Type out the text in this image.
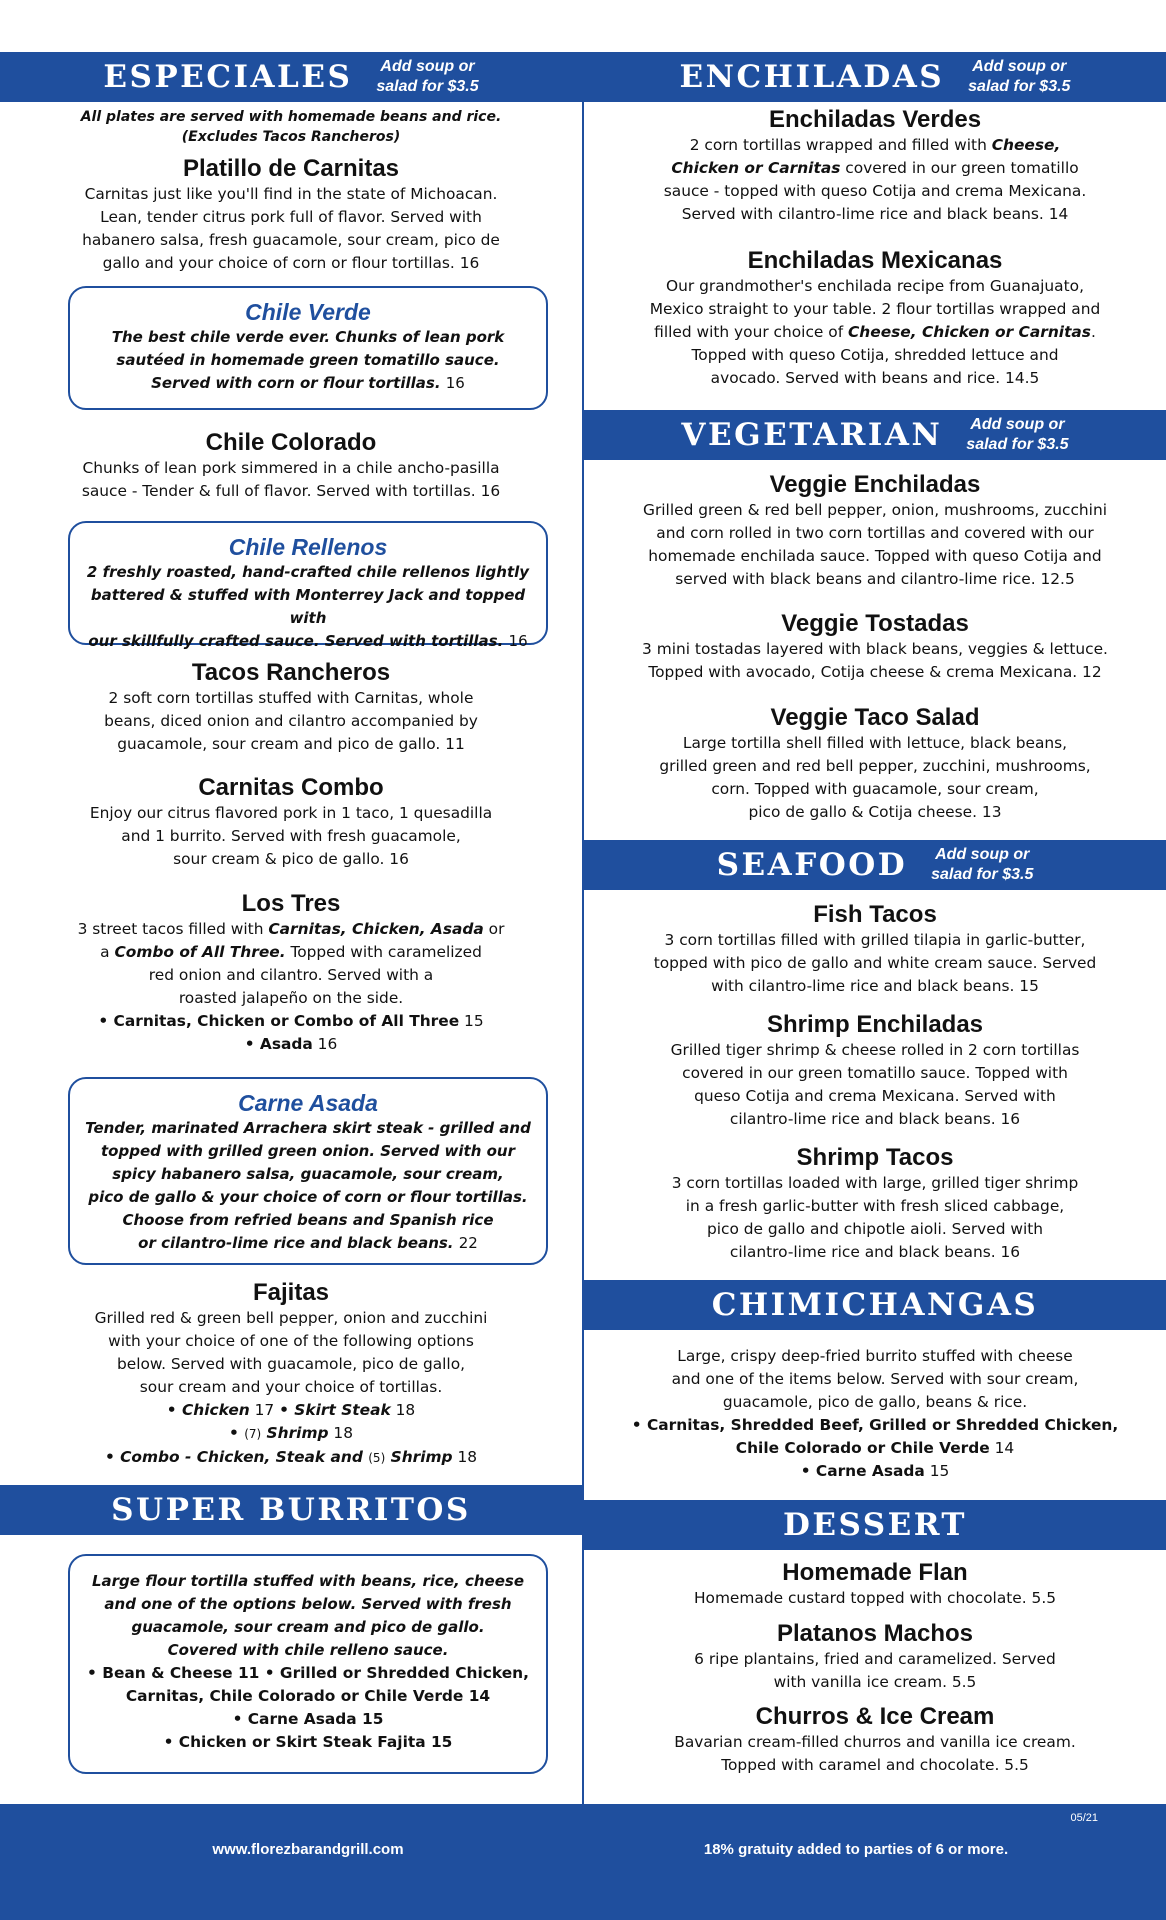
ESPECIALES Add soup or
salad for $3.5
All plates are served with homemade beans and rice.
(Excludes Tacos Rancheros)
Platillo de Carnitas
Carnitas just like you'll find in the state of Michoacan.
Lean, tender citrus pork full of flavor. Served with
habanero salsa, fresh guacamole, sour cream, pico de
gallo and your choice of corn or flour tortillas. 16
Chile Verde
The best chile verde ever. Chunks of lean pork
sautéed in homemade green tomatillo sauce.
Served with corn or flour tortillas. 16
Chile Colorado
Chunks of lean pork simmered in a chile ancho-pasilla
sauce - Tender & full of flavor. Served with tortillas. 16
Chile Rellenos
2 freshly roasted, hand-crafted chile rellenos lightly
battered & stuffed with Monterrey Jack and topped with
our skillfully crafted sauce. Served with tortillas. 16
Tacos Rancheros
2 soft corn tortillas stuffed with Carnitas, whole
beans, diced onion and cilantro accompanied by
guacamole, sour cream and pico de gallo. 11
Carnitas Combo
Enjoy our citrus flavored pork in 1 taco, 1 quesadilla
and 1 burrito. Served with fresh guacamole,
sour cream & pico de gallo. 16
Los Tres
3 street tacos filled with Carnitas, Chicken, Asada or
a Combo of All Three. Topped with caramelized
red onion and cilantro. Served with a
roasted jalapeño on the side.
• Carnitas, Chicken or Combo of All Three 15
• Asada 16
Carne Asada
Tender, marinated Arrachera skirt steak - grilled and
topped with grilled green onion. Served with our
spicy habanero salsa, guacamole, sour cream,
pico de gallo & your choice of corn or flour tortillas.
Choose from refried beans and Spanish rice
or cilantro-lime rice and black beans. 22
Fajitas
Grilled red & green bell pepper, onion and zucchini
with your choice of one of the following options
below. Served with guacamole, pico de gallo,
sour cream and your choice of tortillas.
• Chicken 17 • Skirt Steak 18
• (7) Shrimp 18
• Combo - Chicken, Steak and (5) Shrimp 18
SUPER BURRITOS
Large flour tortilla stuffed with beans, rice, cheese
and one of the options below. Served with fresh
guacamole, sour cream and pico de gallo.
Covered with chile relleno sauce.
• Bean & Cheese 11 • Grilled or Shredded Chicken,
Carnitas, Chile Colorado or Chile Verde 14
• Carne Asada 15
• Chicken or Skirt Steak Fajita 15
ENCHILADAS Add soup or
salad for $3.5
Enchiladas Verdes
2 corn tortillas wrapped and filled with Cheese,
Chicken or Carnitas covered in our green tomatillo
sauce - topped with queso Cotija and crema Mexicana.
Served with cilantro-lime rice and black beans. 14
Enchiladas Mexicanas
Our grandmother's enchilada recipe from Guanajuato,
Mexico straight to your table. 2 flour tortillas wrapped and
filled with your choice of Cheese, Chicken or Carnitas.
Topped with queso Cotija, shredded lettuce and
avocado. Served with beans and rice. 14.5
VEGETARIAN Add soup or
salad for $3.5
Veggie Enchiladas
Grilled green & red bell pepper, onion, mushrooms, zucchini
and corn rolled in two corn tortillas and covered with our
homemade enchilada sauce. Topped with queso Cotija and
served with black beans and cilantro-lime rice. 12.5
Veggie Tostadas
3 mini tostadas layered with black beans, veggies & lettuce.
Topped with avocado, Cotija cheese & crema Mexicana. 12
Veggie Taco Salad
Large tortilla shell filled with lettuce, black beans,
grilled green and red bell pepper, zucchini, mushrooms,
corn. Topped with guacamole, sour cream,
pico de gallo & Cotija cheese. 13
SEAFOOD Add soup or
salad for $3.5
Fish Tacos
3 corn tortillas filled with grilled tilapia in garlic-butter,
topped with pico de gallo and white cream sauce. Served
with cilantro-lime rice and black beans. 15
Shrimp Enchiladas
Grilled tiger shrimp & cheese rolled in 2 corn tortillas
covered in our green tomatillo sauce. Topped with
queso Cotija and crema Mexicana. Served with
cilantro-lime rice and black beans. 16
Shrimp Tacos
3 corn tortillas loaded with large, grilled tiger shrimp
in a fresh garlic-butter with fresh sliced cabbage,
pico de gallo and chipotle aioli. Served with
cilantro-lime rice and black beans. 16
CHIMICHANGAS
Large, crispy deep-fried burrito stuffed with cheese
and one of the items below. Served with sour cream,
guacamole, pico de gallo, beans & rice.
• Carnitas, Shredded Beef, Grilled or Shredded Chicken,
Chile Colorado or Chile Verde 14
• Carne Asada 15
DESSERT
Homemade Flan
Homemade custard topped with chocolate. 5.5
Platanos Machos
6 ripe plantains, fried and caramelized. Served
with vanilla ice cream. 5.5
Churros & Ice Cream
Bavarian cream-filled churros and vanilla ice cream.
Topped with caramel and chocolate. 5.5
05/21
www.florezbarandgrill.com	18% gratuity added to parties of 6 or more.
